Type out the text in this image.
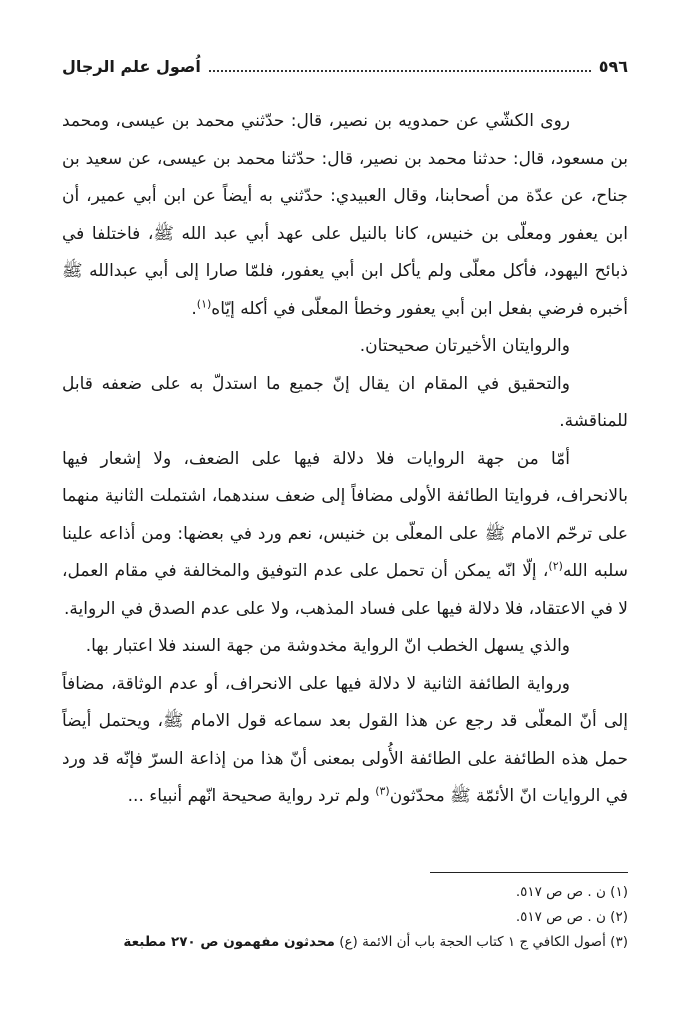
٥٩٦
اُصول علم الرجال

روى الكشّي عن حمدويه بن نصير، قال: حدّثني محمد بن عيسى، ومحمد بن مسعود، قال: حدثنا محمد بن نصير، قال: حدّثنا محمد بن عيسى، عن سعيد بن جناح، عن عدّة من أصحابنا، وقال العبيدي: حدّثني به أيضاً عن ابن أبي عمير، أن ابن يعفور ومعلّى بن خنيس، كانا بالنيل على عهد أبي عبد الله ﷺ، فاختلفا في ذبائح اليهود، فأكل معلّى ولم يأكل ابن أبي يعفور، فلمّا صارا إلى أبي عبدالله ﷺ أخبره فرضي بفعل ابن أبي يعفور وخطأ المعلّى في أكله إيّاه$^{(١)}$.

والروايتان الأخيرتان صحيحتان.

والتحقيق في المقام ان يقال إنّ جميع ما استدلّ به على ضعفه قابل للمناقشة.

أمّا من جهة الروايات فلا دلالة فيها على الضعف، ولا إشعار فيها بالانحراف، فروايتا الطائفة الأولى مضافاً إلى ضعف سندهما، اشتملت الثانية منهما على ترحّم الامام ﷺ على المعلّى بن خنيس، نعم ورد في بعضها: ومن أذاعه علينا سلبه الله$^{(٢)}$، إلّا انّه يمكن أن تحمل على عدم التوفيق والمخالفة في مقام العمل، لا في الاعتقاد، فلا دلالة فيها على فساد المذهب، ولا على عدم الصدق في الرواية.

والذي يسهل الخطب انّ الرواية مخدوشة من جهة السند فلا اعتبار بها.

ورواية الطائفة الثانية لا دلالة فيها على الانحراف، أو عدم الوثاقة، مضافاً إلى أنّ المعلّى قد رجع عن هذا القول بعد سماعه قول الامام ﷺ، ويحتمل أيضاً حمل هذه الطائفة على الطائفة الأُولى بمعنى أنّ هذا من إذاعة السرّ فإنّه قد ورد في الروايات انّ الأئمّة ﷺ محدّثون$^{(٣)}$ ولم ترد رواية صحيحة انّهم أنبياء ...

(١) ن . ص ص ٥١٧.

(٢) ن . ص ص ٥١٧.

(٣) أصول الكافي ج ١ كتاب الحجة باب أن الائمة (ع) محدثون مفهمون ص ٢٧٠ مطبعة
